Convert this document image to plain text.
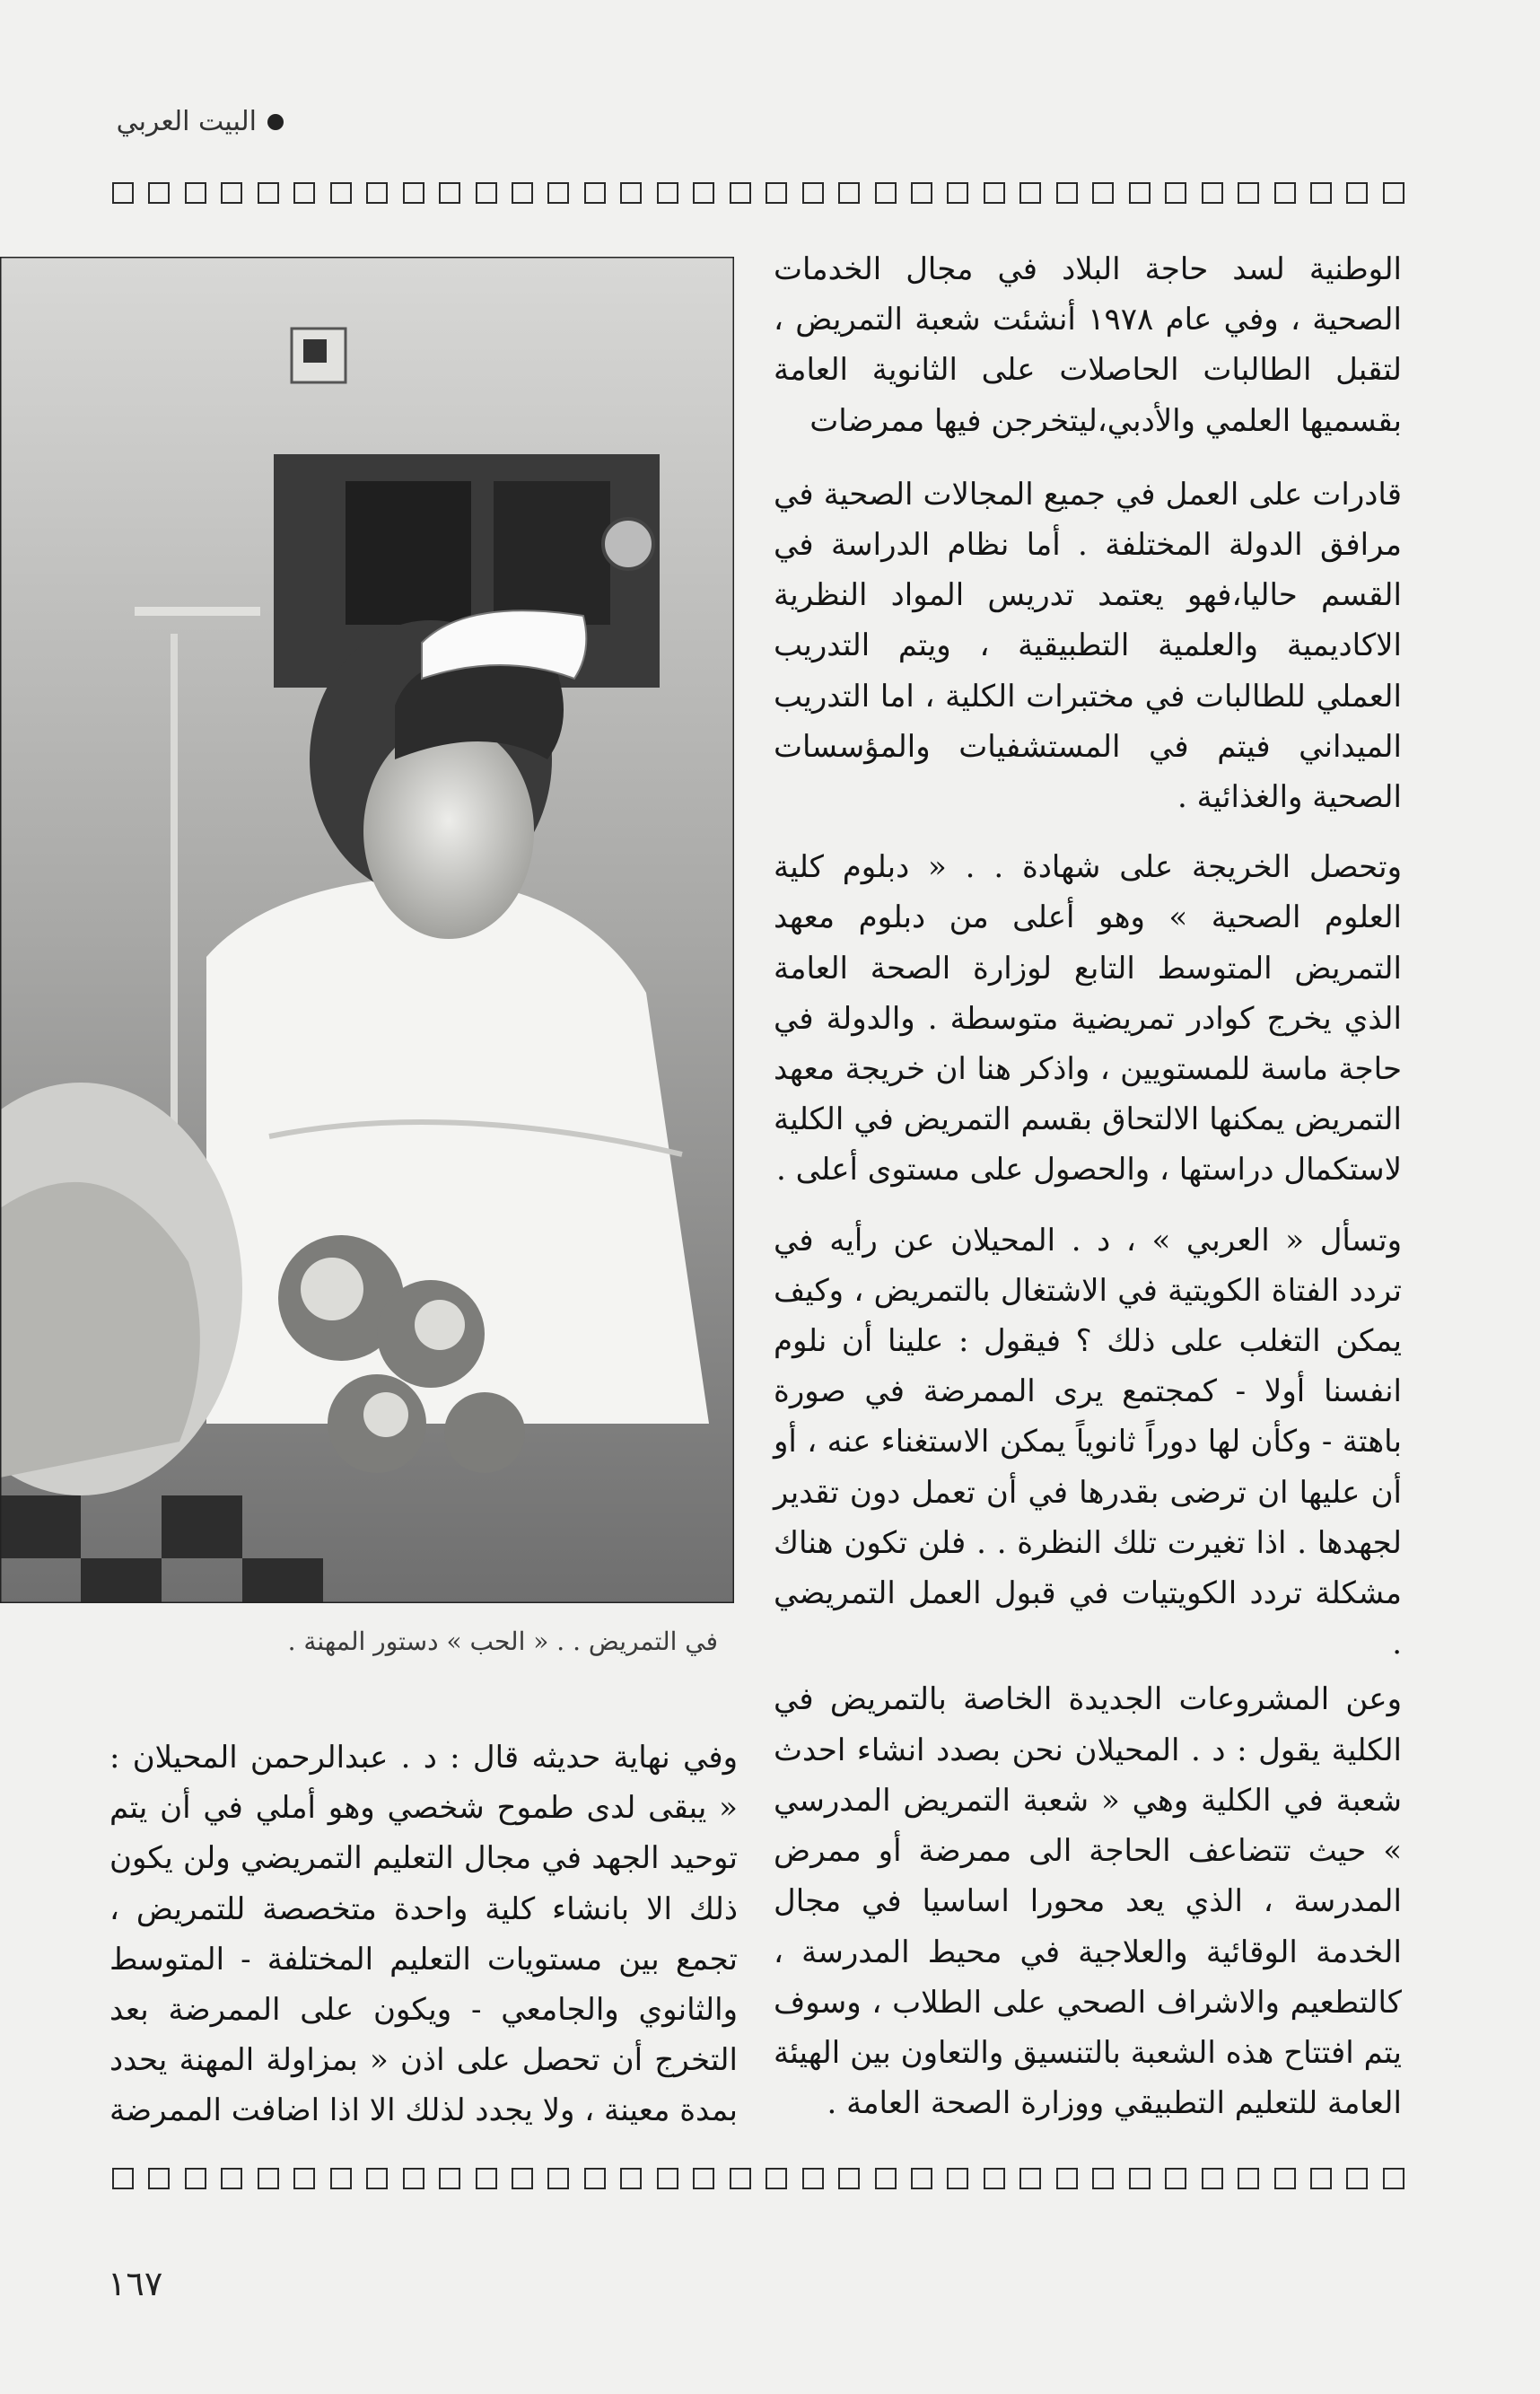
البيت العربي
في التمريض . . « الحب » دستور المهنة .

الوطنية لسد حاجة البلاد في مجال الخدمات الصحية ، وفي عام ١٩٧٨ أنشئت شعبة التمريض ، لتقبل الطالبات الحاصلات على الثانوية العامة بقسميها العلمي والأدبي،ليتخرجن فيها ممرضات

قادرات على العمل في جميع المجالات الصحية في مرافق الدولة المختلفة . أما نظام الدراسة في القسم حاليا،فهو يعتمد تدريس المواد النظرية الاكاديمية والعلمية التطبيقية ، ويتم التدريب العملي للطالبات في مختبرات الكلية ، اما التدريب الميداني فيتم في المستشفيات والمؤسسات الصحية والغذائية .

وتحصل الخريجة على شهادة . . « دبلوم كلية العلوم الصحية » وهو أعلى من دبلوم معهد التمريض المتوسط التابع لوزارة الصحة العامة الذي يخرج كوادر تمريضية متوسطة . والدولة في حاجة ماسة للمستويين ، واذكر هنا ان خريجة معهد التمريض يمكنها الالتحاق بقسم التمريض في الكلية لاستكمال دراستها ، والحصول على مستوى أعلى .

وتسأل « العربي » ، د . المحيلان عن رأيه في تردد الفتاة الكويتية في الاشتغال بالتمريض ، وكيف يمكن التغلب على ذلك ؟ فيقول : علينا أن نلوم انفسنا أولا - كمجتمع يرى الممرضة في صورة باهتة - وكأن لها دوراً ثانوياً يمكن الاستغناء عنه ، أو أن عليها ان ترضى بقدرها في أن تعمل دون تقدير لجهدها . اذا تغيرت تلك النظرة . . فلن تكون هناك مشكلة تردد الكويتيات في قبول العمل التمريضي .

وعن المشروعات الجديدة الخاصة بالتمريض في الكلية يقول : د . المحيلان نحن بصدد انشاء احدث شعبة في الكلية وهي « شعبة التمريض المدرسي » حيث تتضاعف الحاجة الى ممرضة أو ممرض المدرسة ، الذي يعد محورا اساسيا في مجال الخدمة الوقائية والعلاجية في محيط المدرسة ، كالتطعيم والاشراف الصحي على الطلاب ، وسوف يتم افتتاح هذه الشعبة بالتنسيق والتعاون بين الهيئة العامة للتعليم التطبيقي ووزارة الصحة العامة .

وفي نهاية حديثه قال : د . عبدالرحمن المحيلان : « يبقى لدى طموح شخصي وهو أملي في أن يتم توحيد الجهد في مجال التعليم التمريضي ولن يكون ذلك الا بانشاء كلية واحدة متخصصة للتمريض ، تجمع بين مستويات التعليم المختلفة - المتوسط والثانوي والجامعي - ويكون على الممرضة بعد التخرج أن تحصل على اذن « بمزاولة المهنة يحدد بمدة معينة ، ولا يجدد لذلك الا اذا اضافت الممرضة

١٦٧
